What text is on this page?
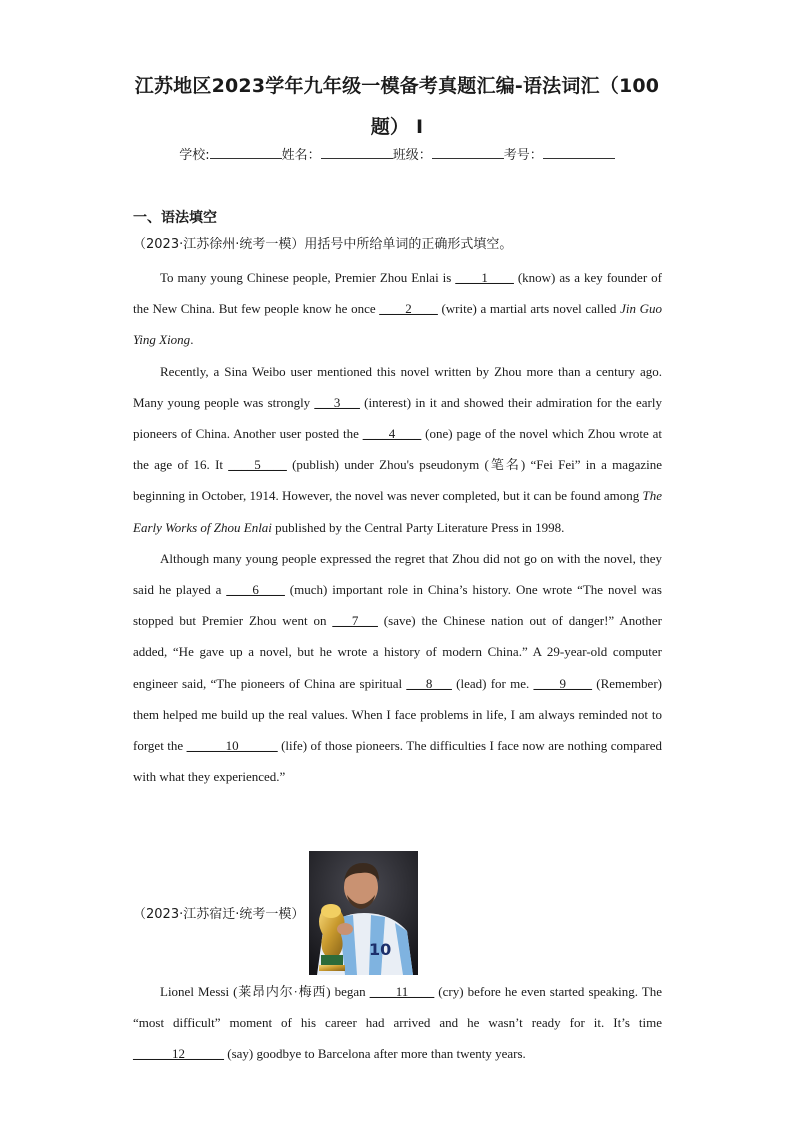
江苏地区2023学年九年级一模备考真题汇编-语法词汇（100
题） I
学校:	姓名：	班级：	考号：
一、语法填空
（2023·江苏徐州·统考一模）用括号中所给单词的正确形式填空。

To many young Chinese people, Premier Zhou Enlai is ____1____ (know) as a key founder of the New China. But few people know he once ____2____ (write) a martial arts novel called Jin Guo Ying Xiong.

Recently, a Sina Weibo user mentioned this novel written by Zhou more than a century ago. Many young people was strongly ___3___ (interest) in it and showed their admiration for the early pioneers of China. Another user posted the ____4____ (one) page of the novel which Zhou wrote at the age of 16. It ____5____ (publish) under Zhou's pseudonym (笔名) “Fei Fei” in a magazine beginning in October, 1914. However, the novel was never completed, but it can be found among The Early Works of Zhou Enlai published by the Central Party Literature Press in 1998.

Although many young people expressed the regret that Zhou did not go on with the novel, they said he played a ____6____ (much) important role in China’s history. One wrote “The novel was stopped but Premier Zhou went on ___7___ (save) the Chinese nation out of danger!” Another added, “He gave up a novel, but he wrote a history of modern China.” A 29-year-old computer engineer said, “The pioneers of China are spiritual ___8___ (lead) for me. ____9____ (Remember) them helped me build up the real values. When I face problems in life, I am always reminded not to forget the ______10______ (life) of those pioneers. The difficulties I face now are nothing compared with what they experienced.”

（2023·江苏宿迁·统考一模）
10

Lionel Messi (莱昂内尔·梅西) began ____11____ (cry) before he even started speaking. The “most difficult” moment of his career had arrived and he wasn’t ready for it. It’s time ______12______ (say) goodbye to Barcelona after more than twenty years.
